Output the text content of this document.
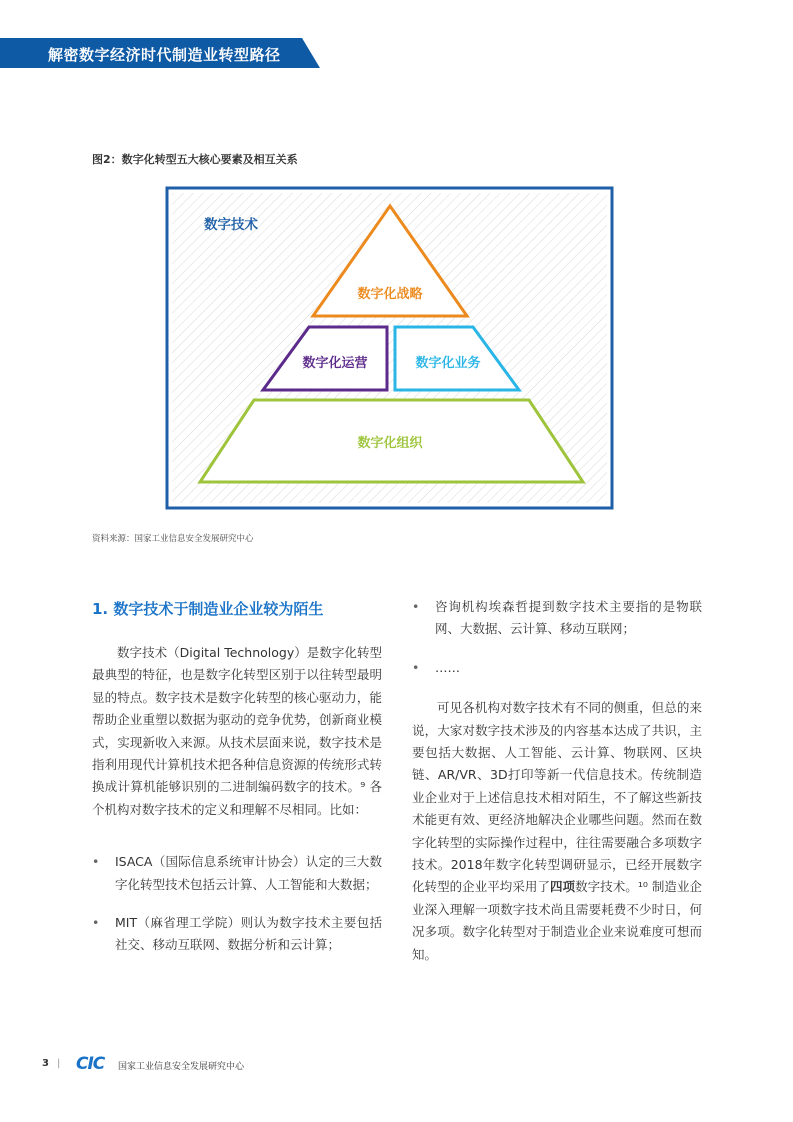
解密数字经济时代制造业转型路径
图2：数字化转型五大核心要素及相互关系
数字技术
数字化战略
数字化运营	数字化业务
数字化组织
资料来源：国家工业信息安全发展研究中心
1. 数字技术于制造业企业较为陌生

数字技术（Digital Technology）是数字化转型最典型的特征，也是数字化转型区别于以往转型最明显的特点。数字技术是数字化转型的核心驱动力，能帮助企业重塑以数据为驱动的竞争优势，创新商业模式，实现新收入来源。从技术层面来说，数字技术是指利用现代计算机技术把各种信息资源的传统形式转换成计算机能够识别的二进制编码数字的技术。⁹ 各个机构对数字技术的定义和理解不尽相同。比如：

• ISACA（国际信息系统审计协会）认定的三大数字化转型技术包括云计算、人工智能和大数据；
• MIT（麻省理工学院）则认为数字技术主要包括社交、移动互联网、数据分析和云计算；
• 咨询机构埃森哲提到数字技术主要指的是物联网、大数据、云计算、移动互联网；
• ……

可见各机构对数字技术有不同的侧重，但总的来说，大家对数字技术涉及的内容基本达成了共识，主要包括大数据、人工智能、云计算、物联网、区块链、AR/VR、3D打印等新一代信息技术。传统制造业企业对于上述信息技术相对陌生，不了解这些新技术能更有效、更经济地解决企业哪些问题。然而在数字化转型的实际操作过程中，往往需要融合多项数字技术。2018年数字化转型调研显示，已经开展数字化转型的企业平均采用了四项数字技术。¹⁰ 制造业企业深入理解一项数字技术尚且需要耗费不少时日，何况多项。数字化转型对于制造业企业来说难度可想而知。

3 | CIC 国家工业信息安全发展研究中心
